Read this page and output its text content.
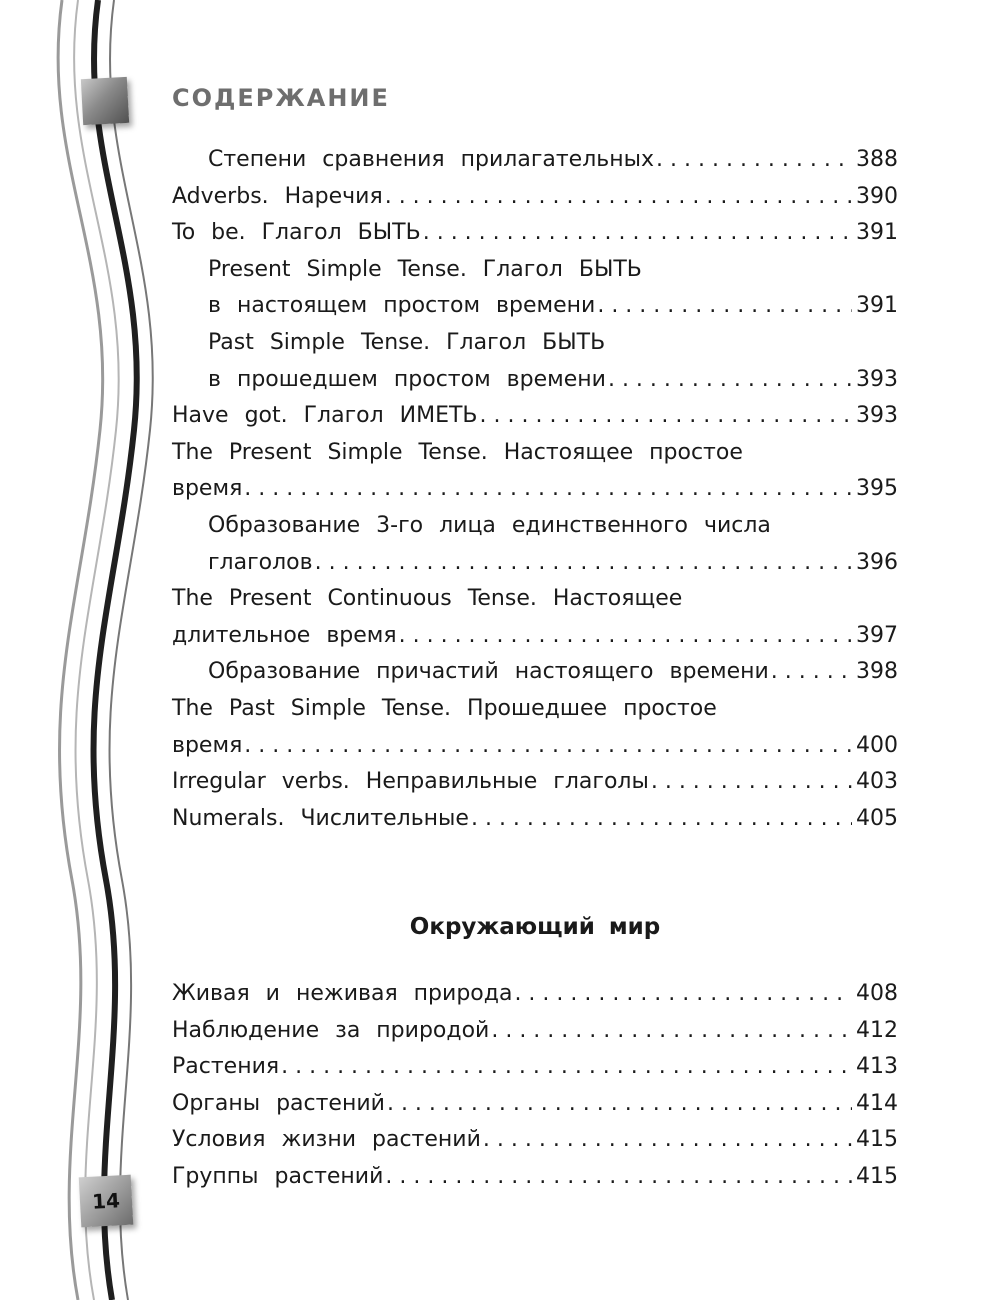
СОДЕРЖАНИЕ
Степени сравнения прилагательных . . .	388
Adverbs. Наречия . . .	390
To be. Глагол БЫТЬ . . .	391
Present Simple Tense. Глагол БЫТЬ
в настоящем простом времени . . .	391
Past Simple Tense. Глагол БЫТЬ
в прошедшем простом времени . . .	393
Have got. Глагол ИМЕТЬ . . .	393
The Present Simple Tense. Настоящее простое
время . . .	395
Образование 3-го лица единственного числа
глаголов . . .	396
The Present Continuous Tense. Настоящее
длительное время . . .	397
Образование причастий настоящего времени . . .	398
The Past Simple Tense. Прошедшее простое
время . . .	400
Irregular verbs. Неправильные глаголы . . .	403
Numerals. Числительные . . .	405
Окружающий мир
Живая и неживая природа . . .	408
Наблюдение за природой . . .	412
Растения . . .	413
Органы растений . . .	414
Условия жизни растений . . .	415
Группы растений . . .	415
14
